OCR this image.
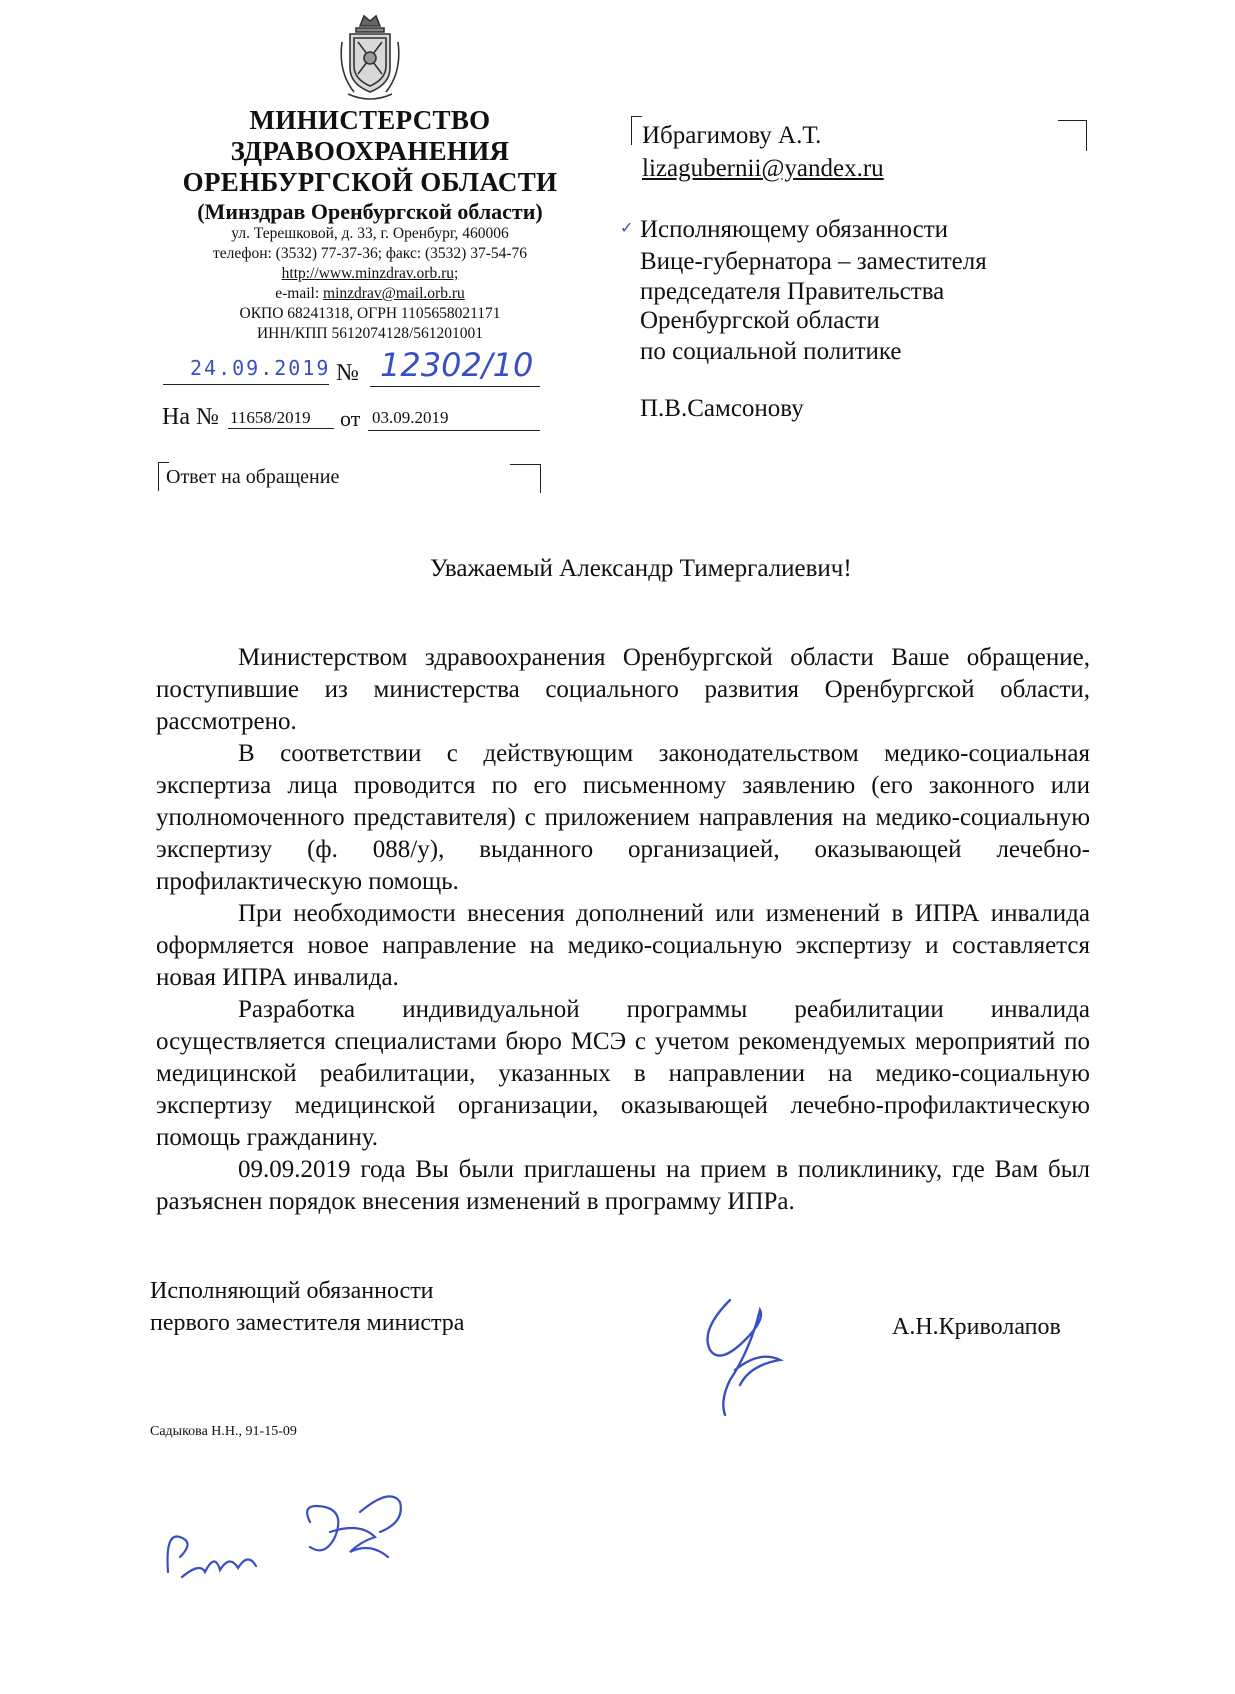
МИНИСТЕРСТВО
ЗДРАВООХРАНЕНИЯ
ОРЕНБУРГСКОЙ ОБЛАСТИ
(Минздрав Оренбургской области)
ул. Терешковой, д. 33, г. Оренбург, 460006
телефон: (3532) 77-37-36; факс: (3532) 37-54-76
http://www.minzdrav.orb.ru;
e-mail: minzdrav@mail.orb.ru
ОКПО 68241318, ОГРН 1105658021171
ИНН/КПП 5612074128/561201001
24.09.2019 № 12302/10
На № 11658/2019 от 03.09.2019
Ответ на обращение
Ибрагимову А.Т.
lizagubernii@yandex.ru
✓ Исполняющему обязанности
Вице-губернатора – заместителя
председателя Правительства
Оренбургской области
по социальной политике
П.В.Самсонову
Уважаемый Александр Тимергалиевич!

Министерством здравоохранения Оренбургской области Ваше обращение, поступившие из министерства социального развития Оренбургской области, рассмотрено.

В соответствии с действующим законодательством медико-социальная экспертиза лица проводится по его письменному заявлению (его законного или уполномоченного представителя) с приложением направления на медико-социальную экспертизу (ф. 088/у), выданного организацией, оказывающей лечебно-профилактическую помощь.

При необходимости внесения дополнений или изменений в ИПРА инвалида оформляется новое направление на медико-социальную экспертизу и составляется новая ИПРА инвалида.

Разработка индивидуальной программы реабилитации инвалида осуществляется специалистами бюро МСЭ с учетом рекомендуемых мероприятий по медицинской реабилитации, указанных в направлении на медико-социальную экспертизу медицинской организации, оказывающей лечебно-профилактическую помощь гражданину.

09.09.2019 года Вы были приглашены на прием в поликлинику, где Вам был разъяснен порядок внесения изменений в программу ИПРа.

Исполняющий обязанности
первого заместителя министра	А.Н.Криволапов
Садыкова Н.Н., 91-15-09
